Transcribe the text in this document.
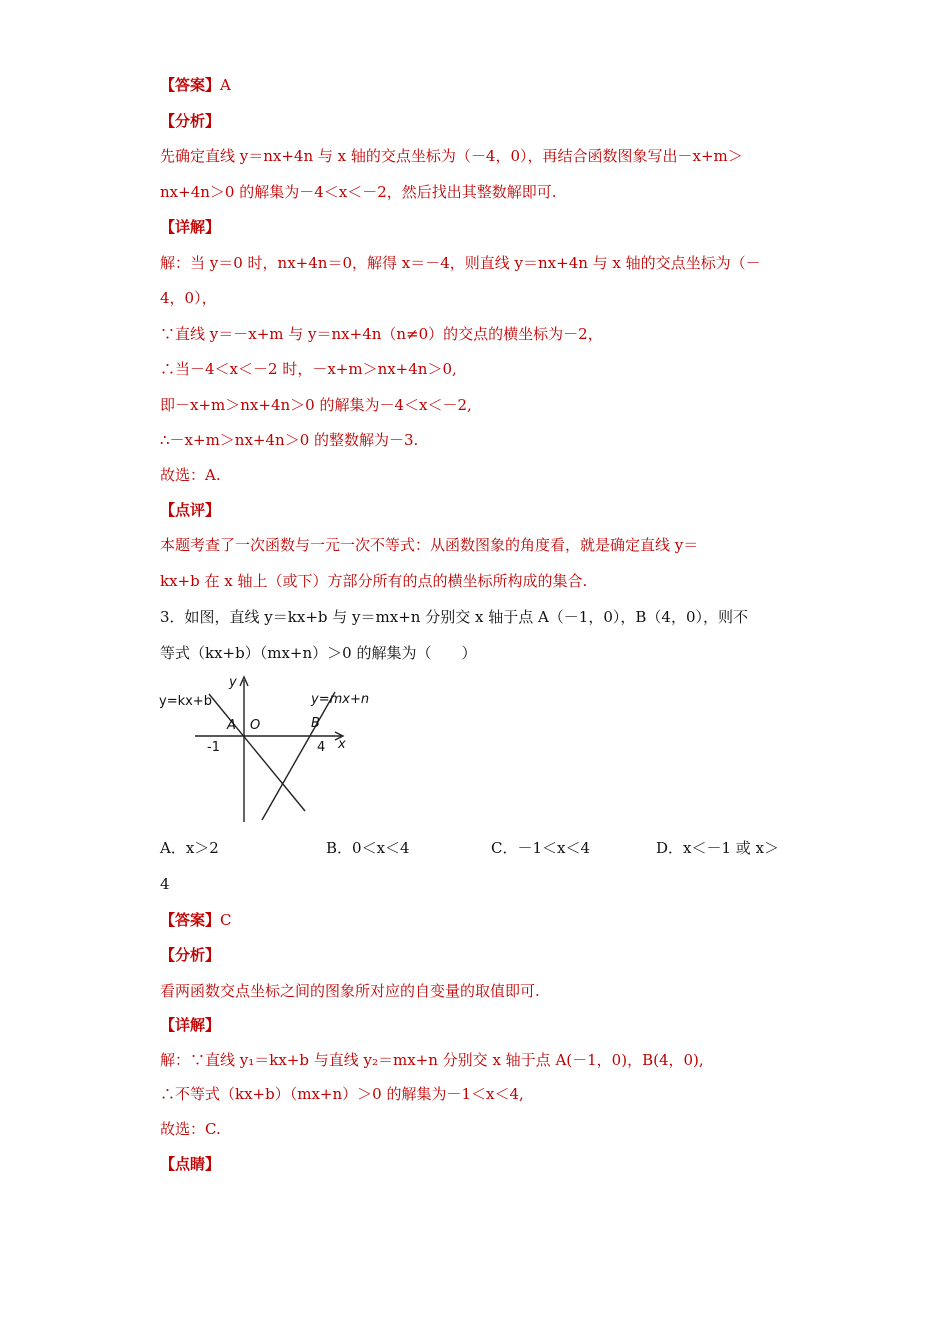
【答案】A
【分析】
先确定直线 y＝nx+4n 与 x 轴的交点坐标为（－4，0），再结合函数图象写出－x+m＞
nx+4n＞0 的解集为－4＜x＜－2，然后找出其整数解即可.
【详解】
解：当 y＝0 时，nx+4n＝0，解得 x＝－4，则直线 y＝nx+4n 与 x 轴的交点坐标为（－
4，0），
∵直线 y＝－x+m 与 y＝nx+4n（n≠0）的交点的横坐标为－2，
∴当－4＜x＜－2 时，－x+m＞nx+4n＞0,
即－x+m＞nx+4n＞0 的解集为－4＜x＜－2,
∴－x+m＞nx+4n＞0 的整数解为－3.
故选：A.
【点评】
本题考查了一次函数与一元一次不等式：从函数图象的角度看，就是确定直线 y＝
kx+b 在 x 轴上（或下）方部分所有的点的横坐标所构成的集合.
3．如图，直线 y＝kx+b 与 y＝mx+n 分别交 x 轴于点 A（－1，0），B（4，0），则不
等式（kx+b）（mx+n）＞0 的解集为（　　）
y=kx+b	y=mx+n
y
x
A O	B
-1	4
A．x＞2	B．0＜x＜4	C．－1＜x＜4	D．x＜－1 或 x＞
4
【答案】C
【分析】
看两函数交点坐标之间的图象所对应的自变量的取值即可.
【详解】
解：∵直线 y₁＝kx+b 与直线 y₂＝mx+n 分别交 x 轴于点 A(－1，0)，B(4，0),
∴不等式（kx+b）（mx+n）＞0 的解集为－1＜x＜4,
故选：C.
【点睛】
